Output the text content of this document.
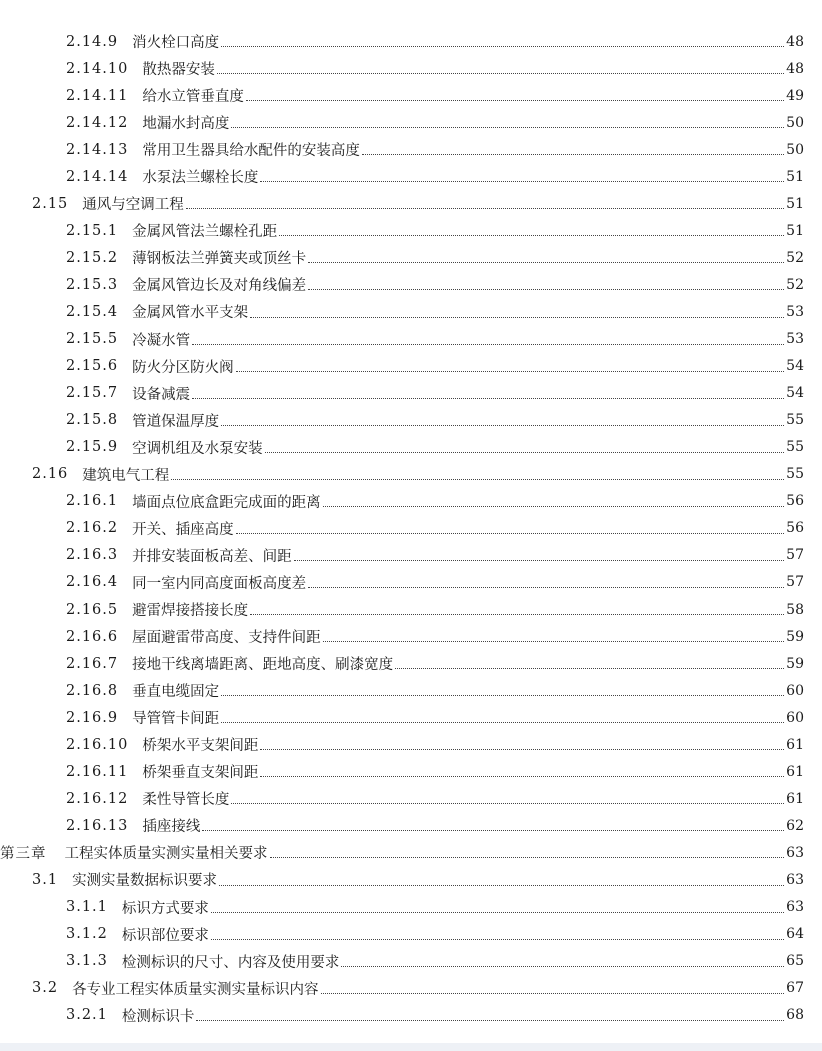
2.14.9 消火栓口高度	48
2.14.10 散热器安装	48
2.14.11 给水立管垂直度	49
2.14.12 地漏水封高度	50
2.14.13 常用卫生器具给水配件的安装高度	50
2.14.14 水泵法兰螺栓长度	51
2.15 通风与空调工程	51
2.15.1 金属风管法兰螺栓孔距	51
2.15.2 薄钢板法兰弹簧夹或顶丝卡	52
2.15.3 金属风管边长及对角线偏差	52
2.15.4 金属风管水平支架	53
2.15.5 冷凝水管	53
2.15.6 防火分区防火阀	54
2.15.7 设备减震	54
2.15.8 管道保温厚度	55
2.15.9 空调机组及水泵安装	55
2.16 建筑电气工程	55
2.16.1 墙面点位底盒距完成面的距离	56
2.16.2 开关、插座高度	56
2.16.3 并排安装面板高差、间距	57
2.16.4 同一室内同高度面板高度差	57
2.16.5 避雷焊接搭接长度	58
2.16.6 屋面避雷带高度、支持件间距	59
2.16.7 接地干线离墙距离、距地高度、刷漆宽度	59
2.16.8 垂直电缆固定	60
2.16.9 导管管卡间距	60
2.16.10 桥架水平支架间距	61
2.16.11 桥架垂直支架间距	61
2.16.12 柔性导管长度	61
2.16.13 插座接线	62
第三章 工程实体质量实测实量相关要求	63
3.1 实测实量数据标识要求	63
3.1.1 标识方式要求	63
3.1.2 标识部位要求	64
3.1.3 检测标识的尺寸、内容及使用要求	65
3.2 各专业工程实体质量实测实量标识内容	67
3.2.1 检测标识卡	68
